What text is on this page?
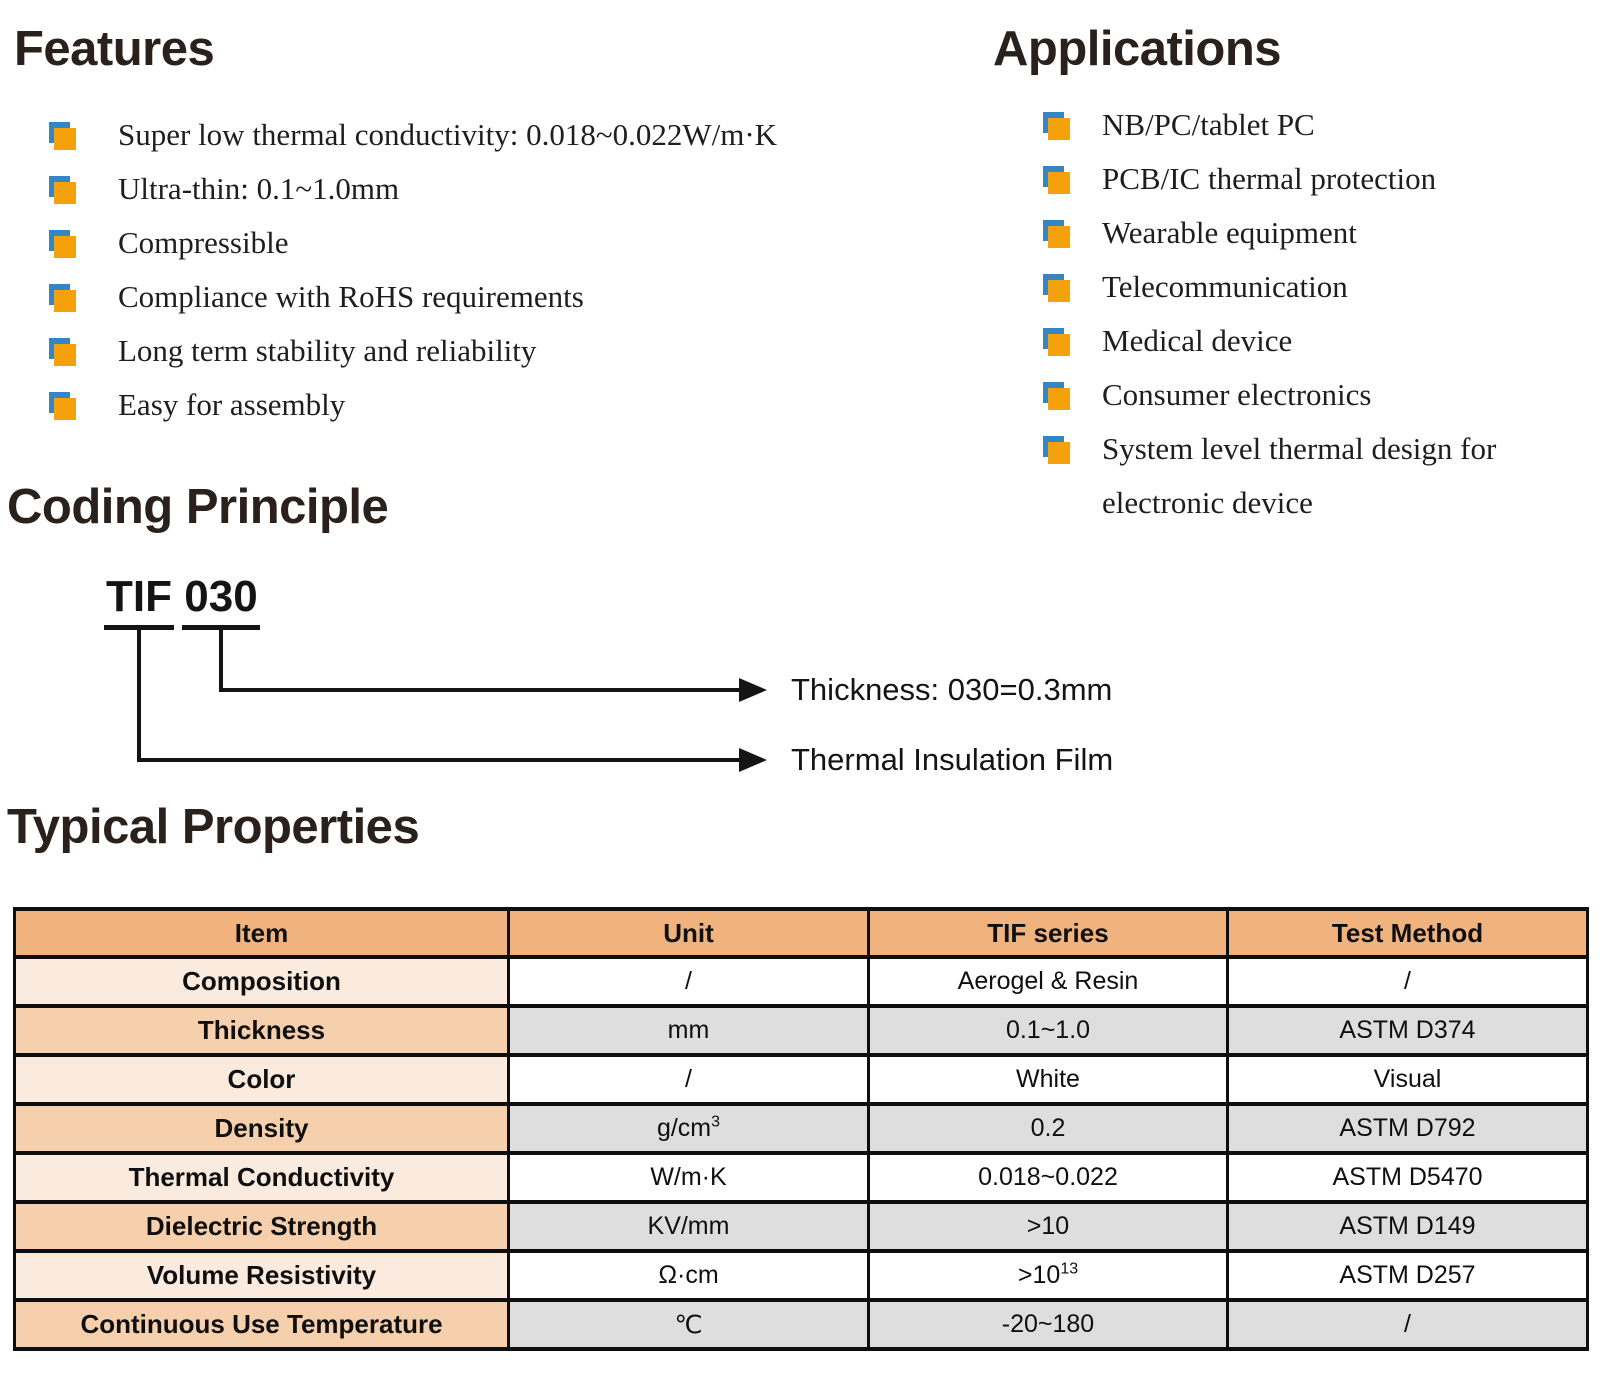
Features
Super low thermal conductivity: 0.018~0.022W/m·K
Ultra-thin: 0.1~1.0mm
Compressible
Compliance with RoHS requirements
Long term stability and reliability
Easy for assembly
Applications
NB/PC/tablet PC
PCB/IC thermal protection
Wearable equipment
Telecommunication
Medical device
Consumer electronics
System level thermal design for electronic device
Coding Principle
TIF 030
Thickness: 030=0.3mm
Thermal Insulation Film
Typical Properties
Item	Unit	TIF series	Test Method
Composition	/	Aerogel & Resin	/
Thickness	mm	0.1~1.0	ASTM D374
Color	/	White	Visual
Density	$g/cm^3$	0.2	ASTM D792
Thermal Conductivity	W/m·K	0.018~0.022	ASTM D5470
Dielectric Strength	KV/mm	>10	ASTM D149
Volume Resistivity	Ω·cm	$>10^{13}$	ASTM D257
Continuous Use Temperature	℃	-20~180	/
